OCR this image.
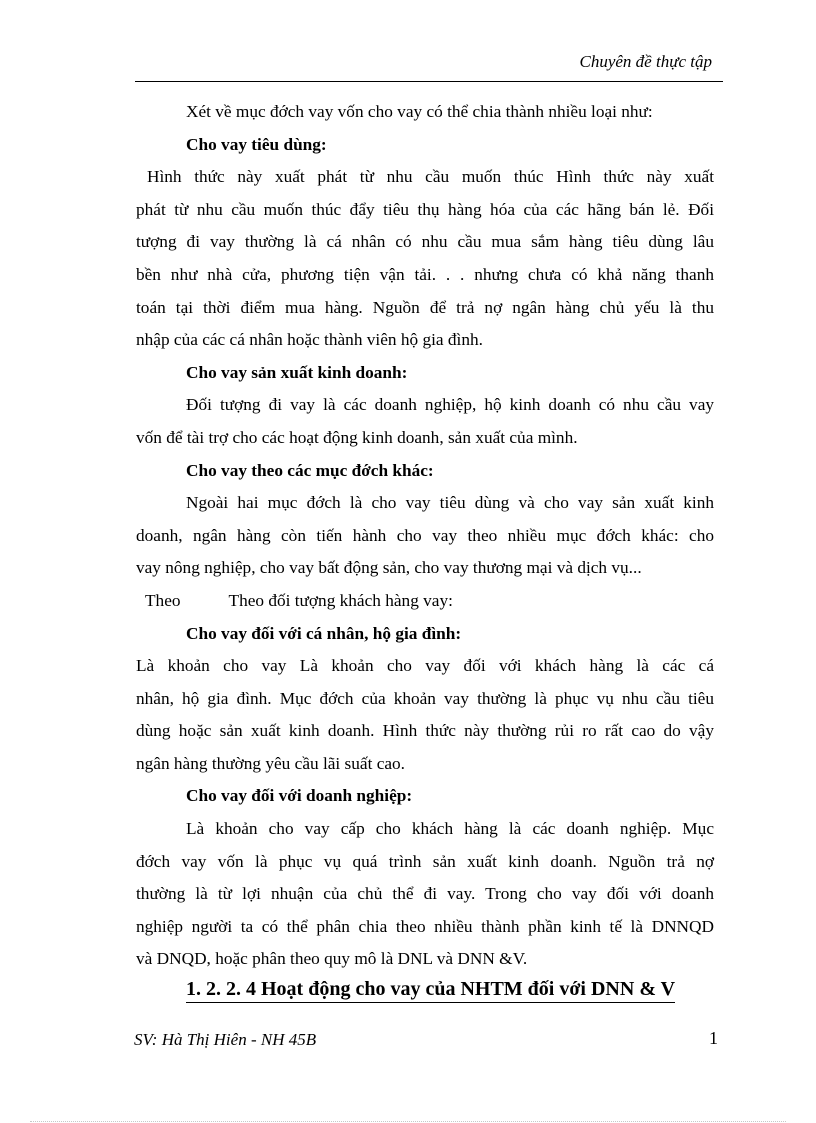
Chuyên đề thực tập
Xét về mục đớch vay vốn cho vay có thể chia thành nhiều loại như:
Cho vay tiêu dùng:
Hình thức này xuất phát từ nhu cầu muốn thúc Hình thức này xuất
phát từ nhu cầu muốn thúc đẩy tiêu thụ hàng hóa của các hãng bán lẻ. Đối
tượng đi vay thường là cá nhân có nhu cầu mua sắm hàng tiêu dùng lâu
bền như nhà cửa, phương tiện vận tải. . . nhưng chưa có khả năng thanh
toán tại thời điểm mua hàng. Nguồn để trả nợ ngân hàng chủ yếu là thu
nhập của các cá nhân hoặc thành viên hộ gia đình.
Cho vay sản xuất kinh doanh:
Đối tượng đi vay là các doanh nghiệp, hộ kinh doanh có nhu cầu vay
vốn để tài trợ cho các hoạt động kinh doanh, sản xuất của mình.
Cho vay theo các mục đớch khác:
Ngoài hai mục đớch là cho vay tiêu dùng và cho vay sản xuất kinh
doanh, ngân hàng còn tiến hành cho vay theo nhiều mục đớch khác: cho
vay nông nghiệp, cho vay bất động sản, cho vay thương mại và dịch vụ...
Theo	Theo đối tượng khách hàng vay:
Cho vay đối với cá nhân, hộ gia đình:
Là khoản cho vay Là khoản cho vay đối với khách hàng là các cá
nhân, hộ gia đình. Mục đớch của khoản vay thường là phục vụ nhu cầu tiêu
dùng hoặc sản xuất kinh doanh. Hình thức này thường rủi ro rất cao do vậy
ngân hàng thường yêu cầu lãi suất cao.
Cho vay đối với doanh nghiệp:
Là khoản cho vay cấp cho khách hàng là các doanh nghiệp. Mục
đớch vay vốn là phục vụ quá trình sản xuất kinh doanh. Nguồn trả nợ
thường là từ lợi nhuận của chủ thể đi vay. Trong cho vay đối với doanh
nghiệp người ta có thể phân chia theo nhiều thành phần kinh tế là DNNQD
và DNQD, hoặc phân theo quy mô là DNL và DNN &V.
1. 2. 2. 4 Hoạt động cho vay của NHTM đối với DNN & V
SV: Hà Thị Hiên - NH 45B	1
